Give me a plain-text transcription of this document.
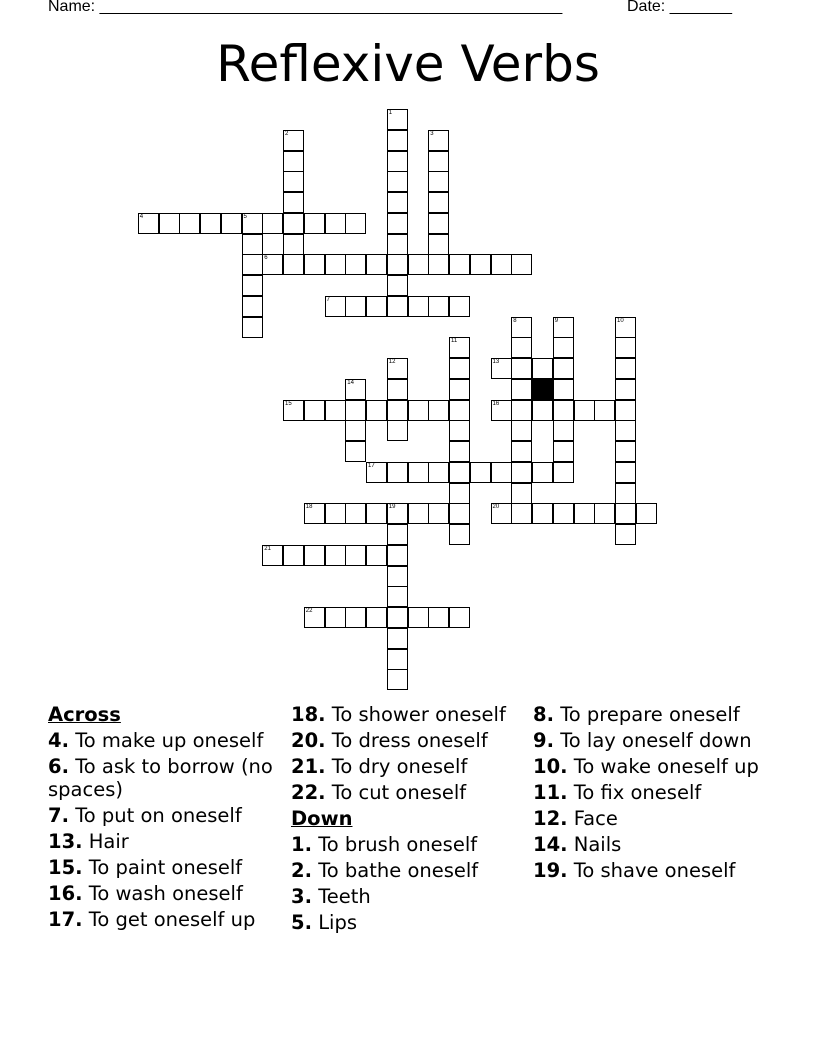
Name: ____________________________________________________	Date: _______
Reflexive Verbs
1
2	3
4	5
6
7
8	9	10
11
12	13
14
15	16
17
18	19	20
21
22
Across
4. To make up oneself
6. To ask to borrow (no spaces)
7. To put on oneself
13. Hair
15. To paint oneself
16. To wash oneself
17. To get oneself up
18. To shower oneself
20. To dress oneself
21. To dry oneself
22. To cut oneself
Down
1. To brush oneself
2. To bathe oneself
3. Teeth
5. Lips
8. To prepare oneself
9. To lay oneself down
10. To wake oneself up
11. To fix oneself
12. Face
14. Nails
19. To shave oneself
